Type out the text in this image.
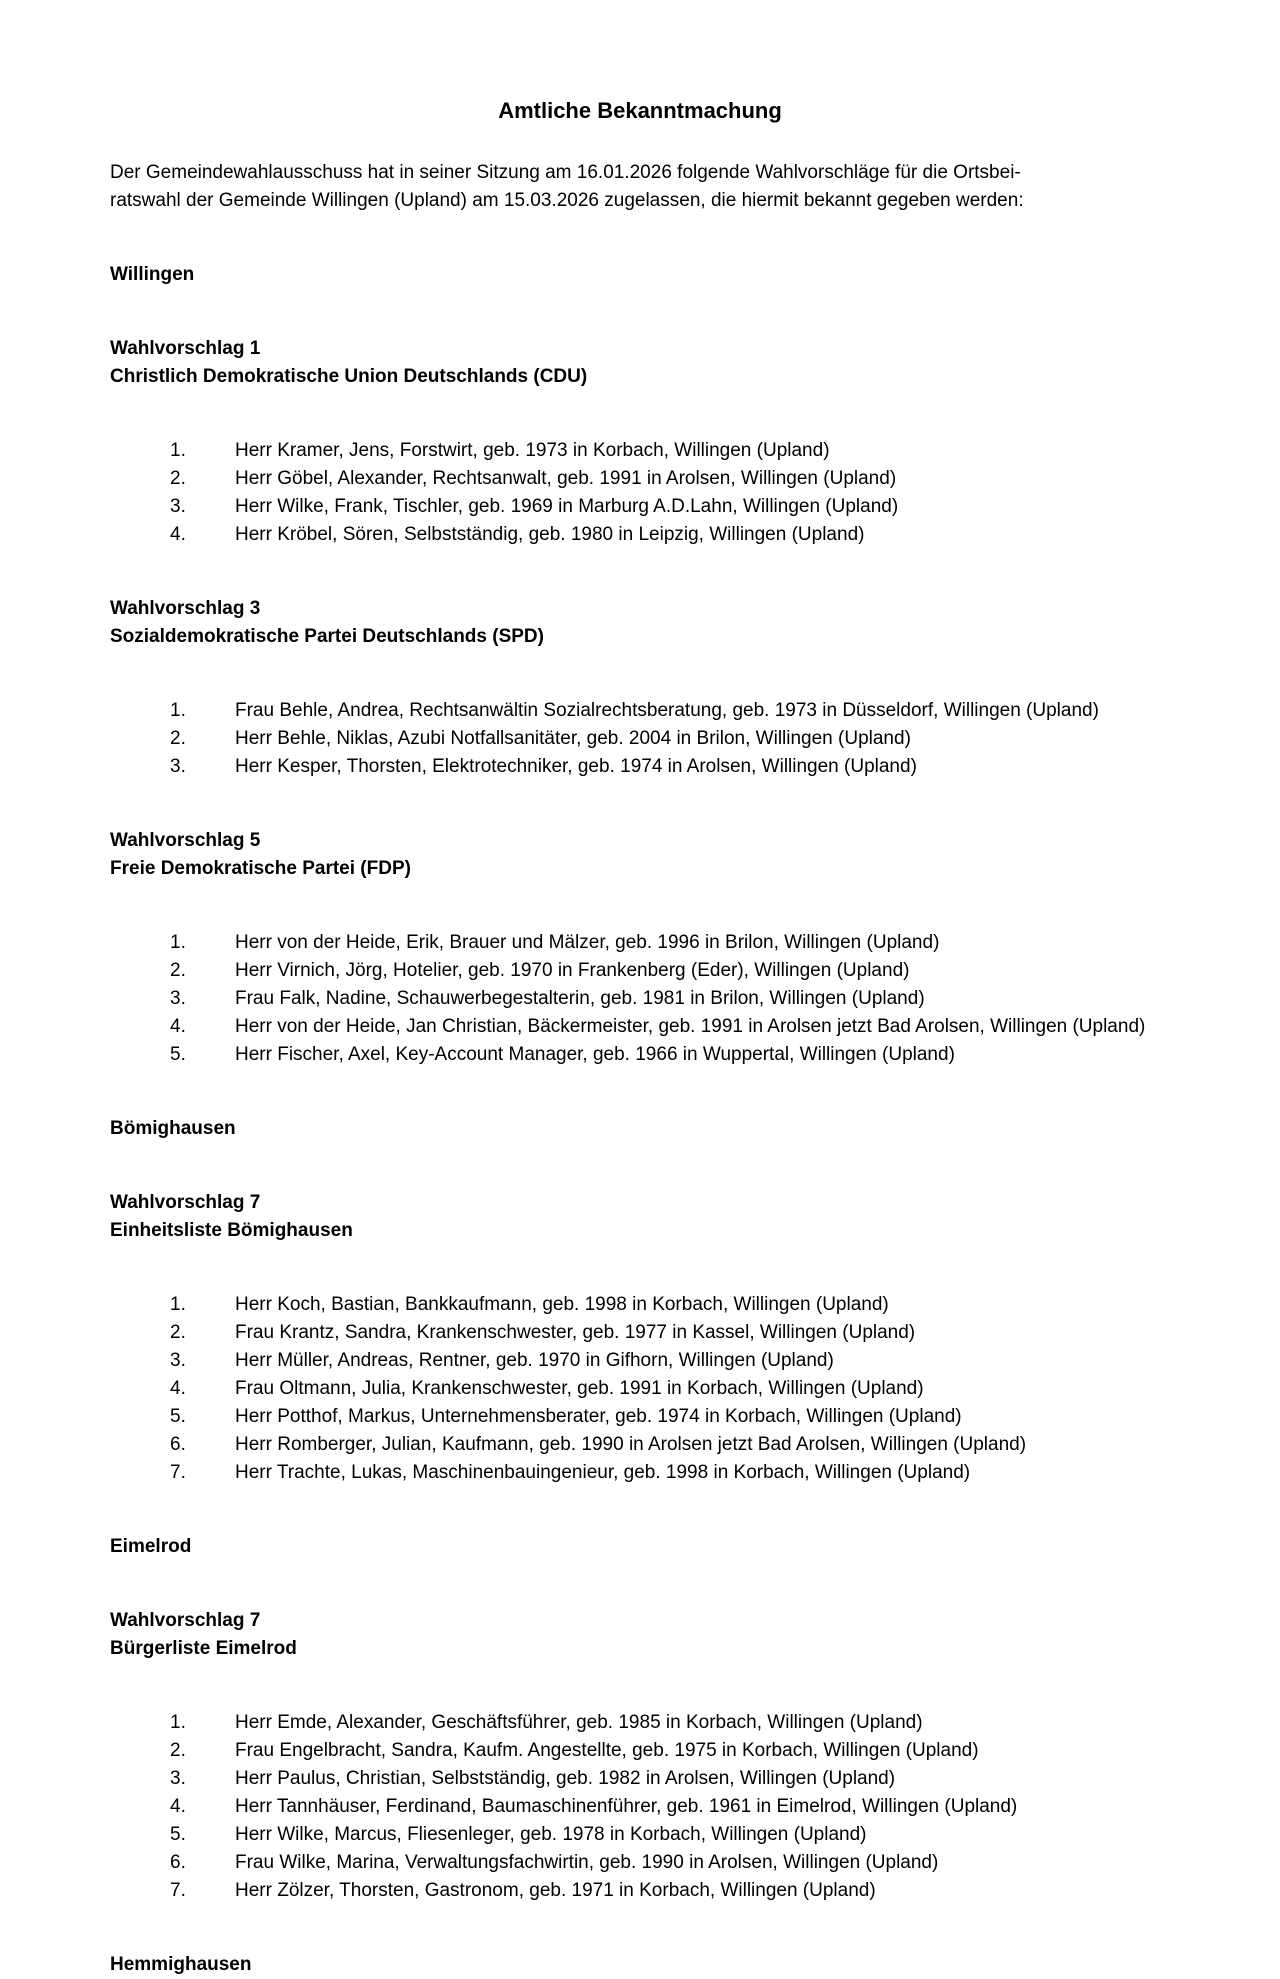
Amtliche Bekanntmachung
Der Gemeindewahlausschuss hat in seiner Sitzung am 16.01.2026 folgende Wahlvorschläge für die Ortsbei-
ratswahl der Gemeinde Willingen (Upland) am 15.03.2026 zugelassen, die hiermit bekannt gegeben werden:
Willingen
Wahlvorschlag 1
Christlich Demokratische Union Deutschlands (CDU)
1.	Herr Kramer, Jens, Forstwirt, geb. 1973 in Korbach, Willingen (Upland)
2.	Herr Göbel, Alexander, Rechtsanwalt, geb. 1991 in Arolsen, Willingen (Upland)
3.	Herr Wilke, Frank, Tischler, geb. 1969 in Marburg A.D.Lahn, Willingen (Upland)
4.	Herr Kröbel, Sören, Selbstständig, geb. 1980 in Leipzig, Willingen (Upland)
Wahlvorschlag 3
Sozialdemokratische Partei Deutschlands (SPD)
1.	Frau Behle, Andrea, Rechtsanwältin Sozialrechtsberatung, geb. 1973 in Düsseldorf, Willingen (Upland)
2.	Herr Behle, Niklas, Azubi Notfallsanitäter, geb. 2004 in Brilon, Willingen (Upland)
3.	Herr Kesper, Thorsten, Elektrotechniker, geb. 1974 in Arolsen, Willingen (Upland)
Wahlvorschlag 5
Freie Demokratische Partei (FDP)
1.	Herr von der Heide, Erik, Brauer und Mälzer, geb. 1996 in Brilon, Willingen (Upland)
2.	Herr Virnich, Jörg, Hotelier, geb. 1970 in Frankenberg (Eder), Willingen (Upland)
3.	Frau Falk, Nadine, Schauwerbegestalterin, geb. 1981 in Brilon, Willingen (Upland)
4.	Herr von der Heide, Jan Christian, Bäckermeister, geb. 1991 in Arolsen jetzt Bad Arolsen, Willingen (Upland)
5.	Herr Fischer, Axel, Key-Account Manager, geb. 1966 in Wuppertal, Willingen (Upland)
Bömighausen
Wahlvorschlag 7
Einheitsliste Bömighausen
1.	Herr Koch, Bastian, Bankkaufmann, geb. 1998 in Korbach, Willingen (Upland)
2.	Frau Krantz, Sandra, Krankenschwester, geb. 1977 in Kassel, Willingen (Upland)
3.	Herr Müller, Andreas, Rentner, geb. 1970 in Gifhorn, Willingen (Upland)
4.	Frau Oltmann, Julia, Krankenschwester, geb. 1991 in Korbach, Willingen (Upland)
5.	Herr Potthof, Markus, Unternehmensberater, geb. 1974 in Korbach, Willingen (Upland)
6.	Herr Romberger, Julian, Kaufmann, geb. 1990 in Arolsen jetzt Bad Arolsen, Willingen (Upland)
7.	Herr Trachte, Lukas, Maschinenbauingenieur, geb. 1998 in Korbach, Willingen (Upland)
Eimelrod
Wahlvorschlag 7
Bürgerliste Eimelrod
1.	Herr Emde, Alexander, Geschäftsführer, geb. 1985 in Korbach, Willingen (Upland)
2.	Frau Engelbracht, Sandra, Kaufm. Angestellte, geb. 1975 in Korbach, Willingen (Upland)
3.	Herr Paulus, Christian, Selbstständig, geb. 1982 in Arolsen, Willingen (Upland)
4.	Herr Tannhäuser, Ferdinand, Baumaschinenführer, geb. 1961 in Eimelrod, Willingen (Upland)
5.	Herr Wilke, Marcus, Fliesenleger, geb. 1978 in Korbach, Willingen (Upland)
6.	Frau Wilke, Marina, Verwaltungsfachwirtin, geb. 1990 in Arolsen, Willingen (Upland)
7.	Herr Zölzer, Thorsten, Gastronom, geb. 1971 in Korbach, Willingen (Upland)
Hemmighausen
